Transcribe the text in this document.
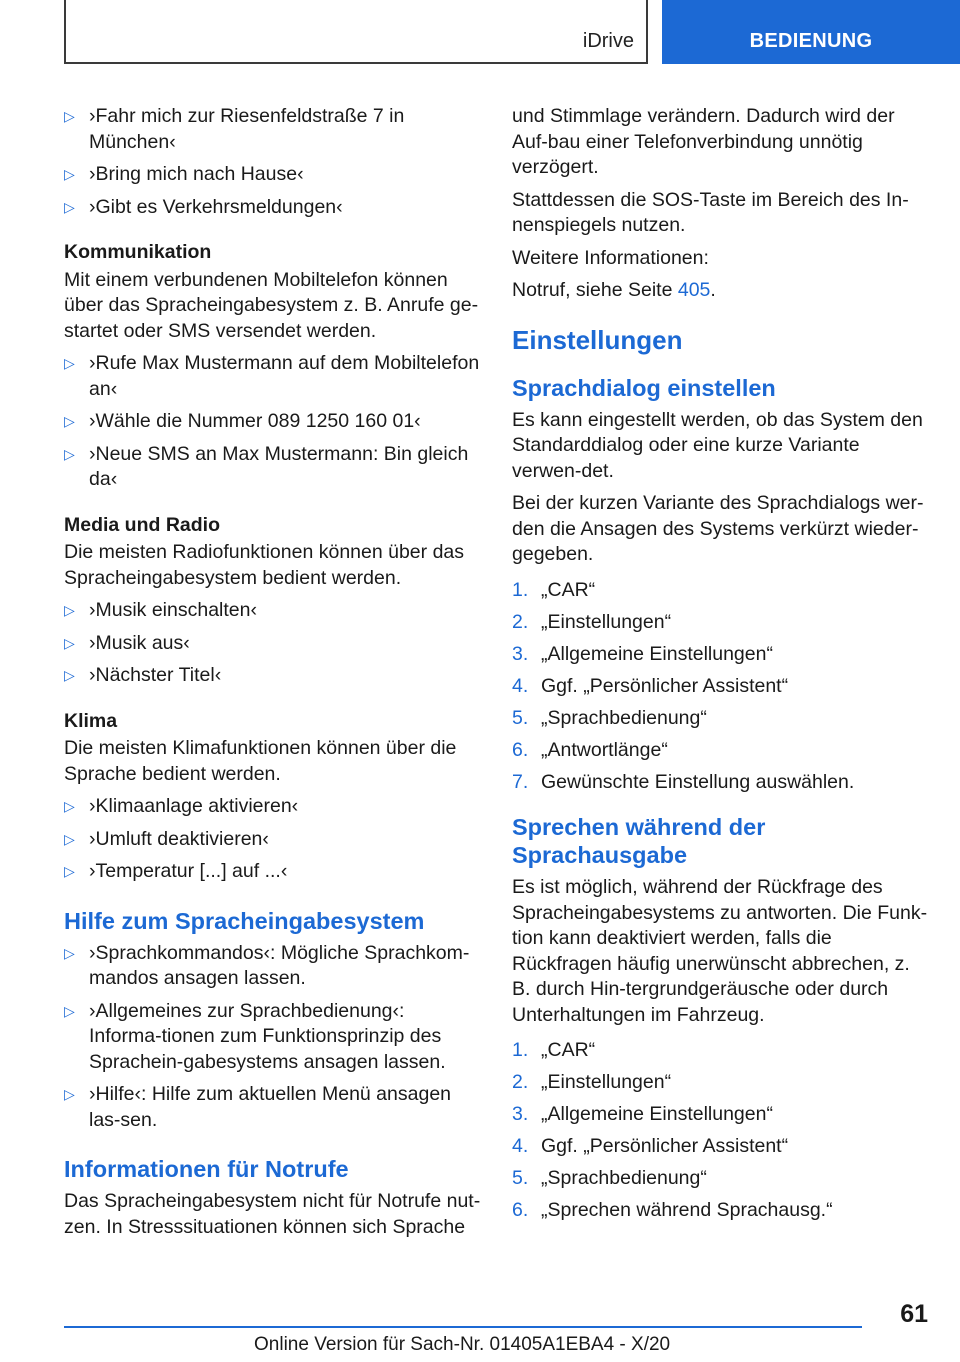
iDrive	BEDIENUNG
▷ ›Fahr mich zur Riesenfeldstraße 7 in München‹
▷ ›Bring mich nach Hause‹
▷ ›Gibt es Verkehrsmeldungen‹
Kommunikation

Mit einem verbundenen Mobiltelefon können über das Spracheingabesystem z. B. Anrufe ge-startet oder SMS versendet werden.

▷ ›Rufe Max Mustermann auf dem Mobiltelefon an‹
▷ ›Wähle die Nummer 089 1250 160 01‹
▷ ›Neue SMS an Max Mustermann: Bin gleich da‹
Media und Radio

Die meisten Radiofunktionen können über das Spracheingabesystem bedient werden.

▷ ›Musik einschalten‹
▷ ›Musik aus‹
▷ ›Nächster Titel‹
Klima

Die meisten Klimafunktionen können über die Sprache bedient werden.

▷ ›Klimaanlage aktivieren‹
▷ ›Umluft deaktivieren‹
▷ ›Temperatur [...] auf ...‹
Hilfe zum Spracheingabesystem
▷ ›Sprachkommandos‹: Mögliche Sprachkom-mandos ansagen lassen.
▷ ›Allgemeines zur Sprachbedienung‹: Informa-tionen zum Funktionsprinzip des Sprachein-gabesystems ansagen lassen.
▷ ›Hilfe‹: Hilfe zum aktuellen Menü ansagen las-sen.
Informationen für Notrufe

Das Spracheingabesystem nicht für Notrufe nut-zen. In Stresssituationen können sich Sprache

und Stimmlage verändern. Dadurch wird der Auf-bau einer Telefonverbindung unnötig verzögert.

Stattdessen die SOS-Taste im Bereich des In-nenspiegels nutzen.

Weitere Informationen:

Notruf, siehe Seite 405.

Einstellungen
Sprachdialog einstellen

Es kann eingestellt werden, ob das System den Standarddialog oder eine kurze Variante verwen-det.

Bei der kurzen Variante des Sprachdialogs wer-den die Ansagen des Systems verkürzt wieder-gegeben.

1. „CAR“
2. „Einstellungen“
3. „Allgemeine Einstellungen“
4. Ggf. „Persönlicher Assistent“
5. „Sprachbedienung“
6. „Antwortlänge“
7. Gewünschte Einstellung auswählen.
Sprechen während der Sprachausgabe

Es ist möglich, während der Rückfrage des Spracheingabesystems zu antworten. Die Funk-tion kann deaktiviert werden, falls die Rückfragen häufig unerwünscht abbrechen, z. B. durch Hin-tergrundgeräusche oder durch Unterhaltungen im Fahrzeug.

1. „CAR“
2. „Einstellungen“
3. „Allgemeine Einstellungen“
4. Ggf. „Persönlicher Assistent“
5. „Sprachbedienung“
6. „Sprechen während Sprachausg.“
61
Online Version für Sach-Nr. 01405A1EBA4 - X/20
